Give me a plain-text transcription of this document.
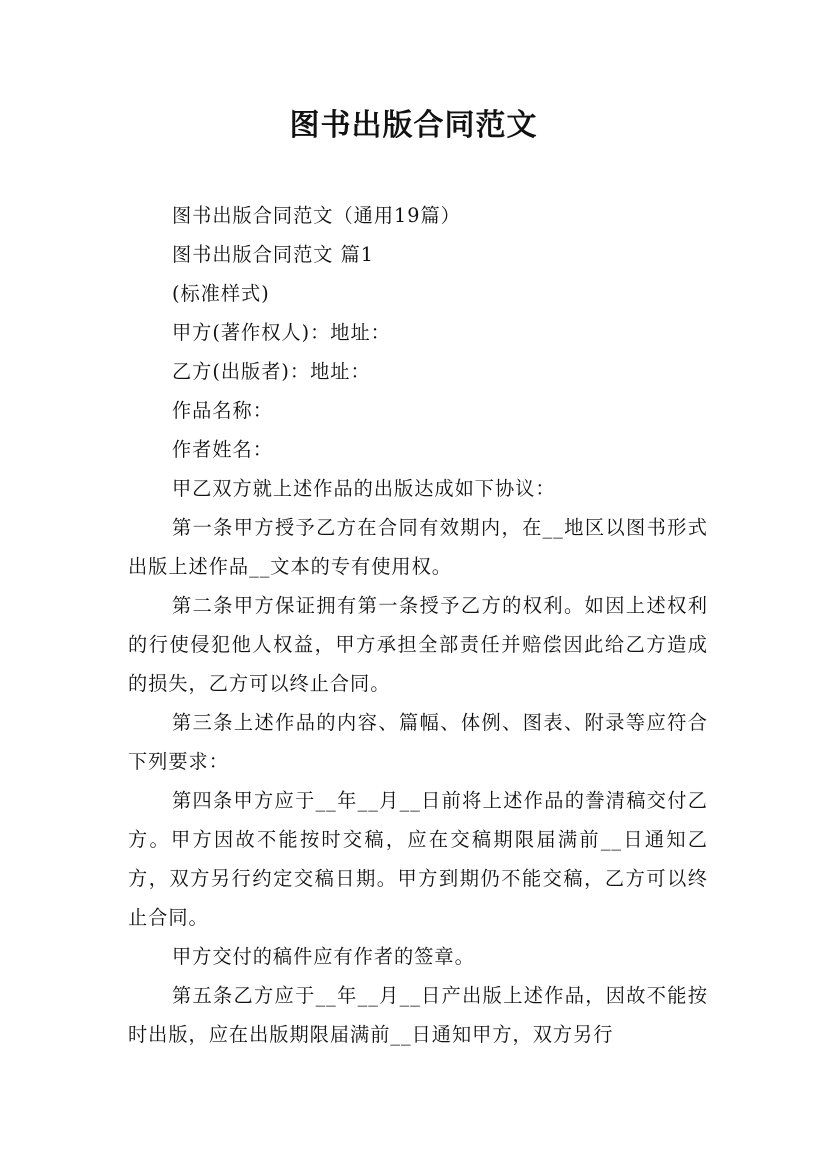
图书出版合同范文

图书出版合同范文（通用19篇）

图书出版合同范文 篇1

(标准样式)

甲方(著作权人)：地址：

乙方(出版者)：地址：

作品名称：

作者姓名：

甲乙双方就上述作品的出版达成如下协议：

第一条甲方授予乙方在合同有效期内，在__地区以图书形式出版上述作品__文本的专有使用权。

第二条甲方保证拥有第一条授予乙方的权利。如因上述权利的行使侵犯他人权益，甲方承担全部责任并赔偿因此给乙方造成的损失，乙方可以终止合同。

第三条上述作品的内容、篇幅、体例、图表、附录等应符合下列要求：

第四条甲方应于__年__月__日前将上述作品的誊清稿交付乙方。甲方因故不能按时交稿，应在交稿期限届满前__日通知乙方，双方另行约定交稿日期。甲方到期仍不能交稿，乙方可以终止合同。

甲方交付的稿件应有作者的签章。

第五条乙方应于__年__月__日产出版上述作品，因故不能按时出版，应在出版期限届满前__日通知甲方，双方另行
